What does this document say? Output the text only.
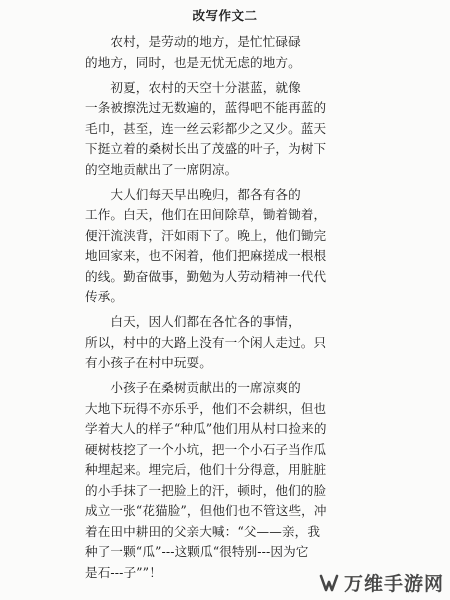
改写作文二

　　农村，是劳动的地方，是忙忙碌碌
的地方，同时，也是无忧无虑的地方。

　　初夏，农村的天空十分湛蓝，就像
一条被擦洗过无数遍的，蓝得吧不能再蓝的
毛巾，甚至，连一丝云彩都少之又少。蓝天
下挺立着的桑树长出了茂盛的叶子，为树下
的空地贡献出了一席阴凉。

　　大人们每天早出晚归，都各有各的
工作。白天，他们在田间除草，锄着锄着，
便汗流浃背，汗如雨下了。晚上，他们锄完
地回家来，也不闲着，他们把麻搓成一根根
的线。勤奋做事，勤勉为人劳动精神一代代
传承。

　　白天，因人们都在各忙各的事情，
所以，村中的大路上没有一个闲人走过。只
有小孩子在村中玩耍。

　　小孩子在桑树贡献出的一席凉爽的
大地下玩得不亦乐乎，他们不会耕织，但也
学着大人的样子“种瓜”他们用从村口捡来的
硬树枝挖了一个小坑，把一个小石子当作瓜
种埋起来。埋完后，他们十分得意，用脏脏
的小手抹了一把脸上的汗，顿时，他们的脸
成立一张“花猫脸”，但他们也不管这些，冲
着在田中耕田的父亲大喊：“父——亲，我
种了一颗“瓜”---这颗瓜“很特别---因为它
是石---子””！

万维手游网
